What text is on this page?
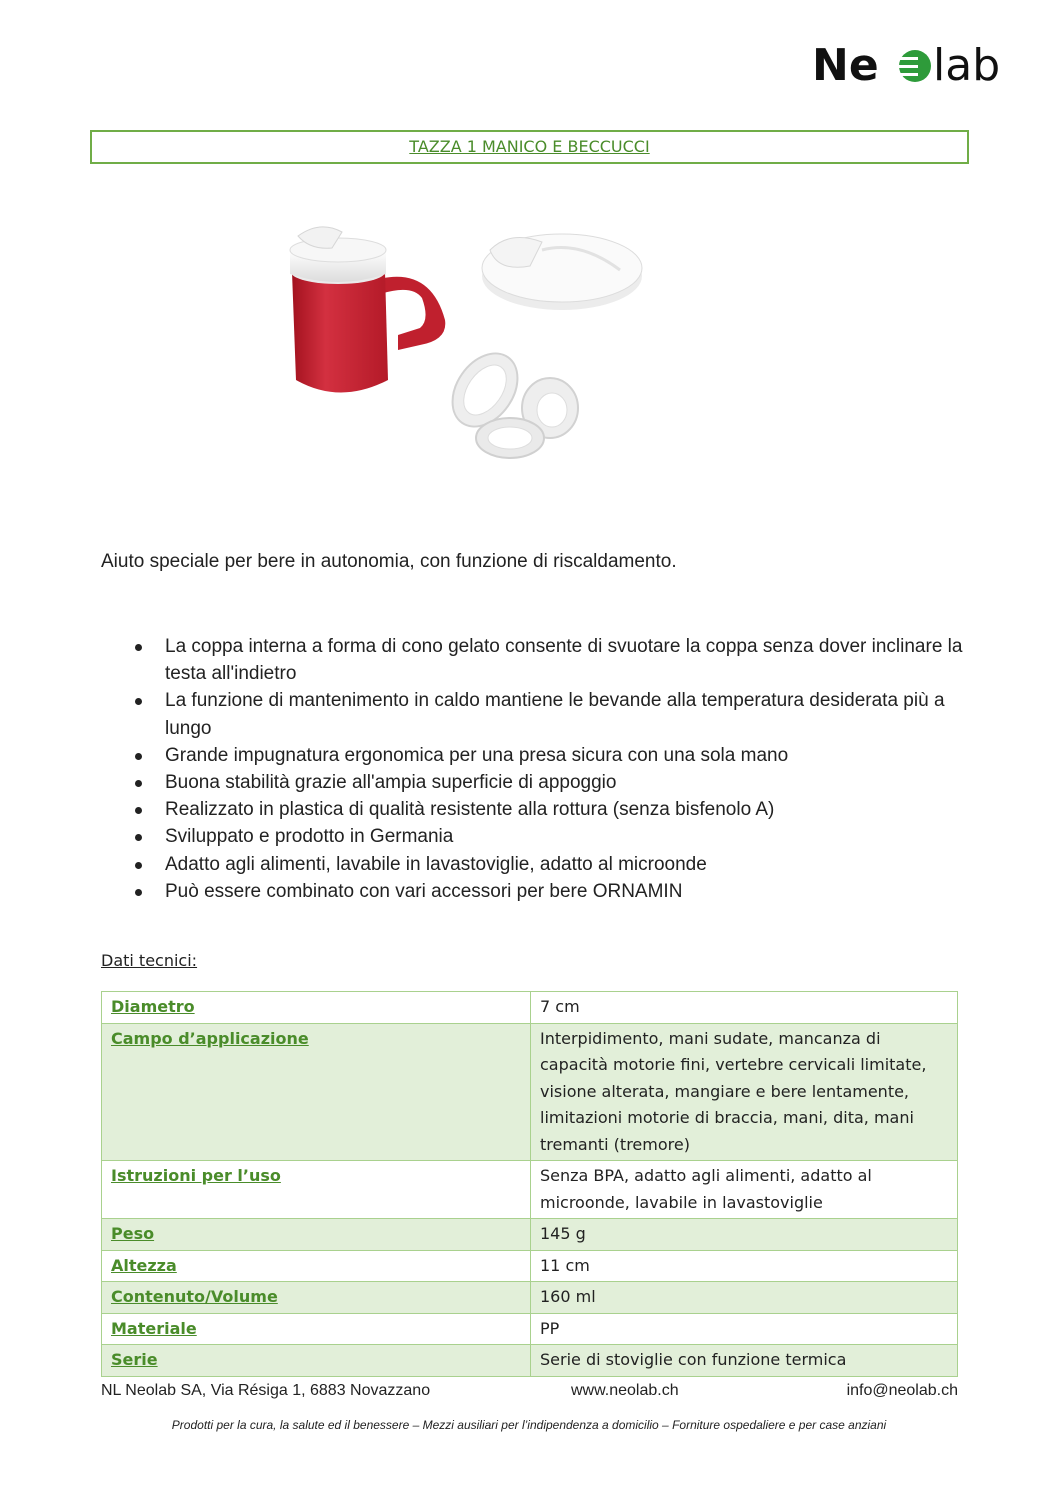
Ne lab
TAZZA 1 MANICO E BECCUCCI

Aiuto speciale per bere in autonomia, con funzione di riscaldamento.

La coppa interna a forma di cono gelato consente di svuotare la coppa senza dover inclinare la testa all'indietro
La funzione di mantenimento in caldo mantiene le bevande alla temperatura desiderata più a lungo
Grande impugnatura ergonomica per una presa sicura con una sola mano
Buona stabilità grazie all'ampia superficie di appoggio
Realizzato in plastica di qualità resistente alla rottura (senza bisfenolo A)
Sviluppato e prodotto in Germania
Adatto agli alimenti, lavabile in lavastoviglie, adatto al microonde
Può essere combinato con vari accessori per bere ORNAMIN
Dati tecnici:
Diametro	7 cm
Campo d’applicazione	Interpidimento, mani sudate, mancanza di capacità motorie fini, vertebre cervicali limitate, visione alterata, mangiare e bere lentamente, limitazioni motorie di braccia, mani, dita, mani tremanti (tremore)
Istruzioni per l’uso	Senza BPA, adatto agli alimenti, adatto al microonde, lavabile in lavastoviglie
Peso	145 g
Altezza	11 cm
Contenuto/Volume	160 ml
Materiale	PP
Serie	Serie di stoviglie con funzione termica
NL Neolab SA, Via Résiga 1, 6883 Novazzano	www.neolab.ch	info@neolab.ch
Prodotti per la cura, la salute ed il benessere – Mezzi ausiliari per l’indipendenza a domicilio – Forniture ospedaliere e per case anziani
